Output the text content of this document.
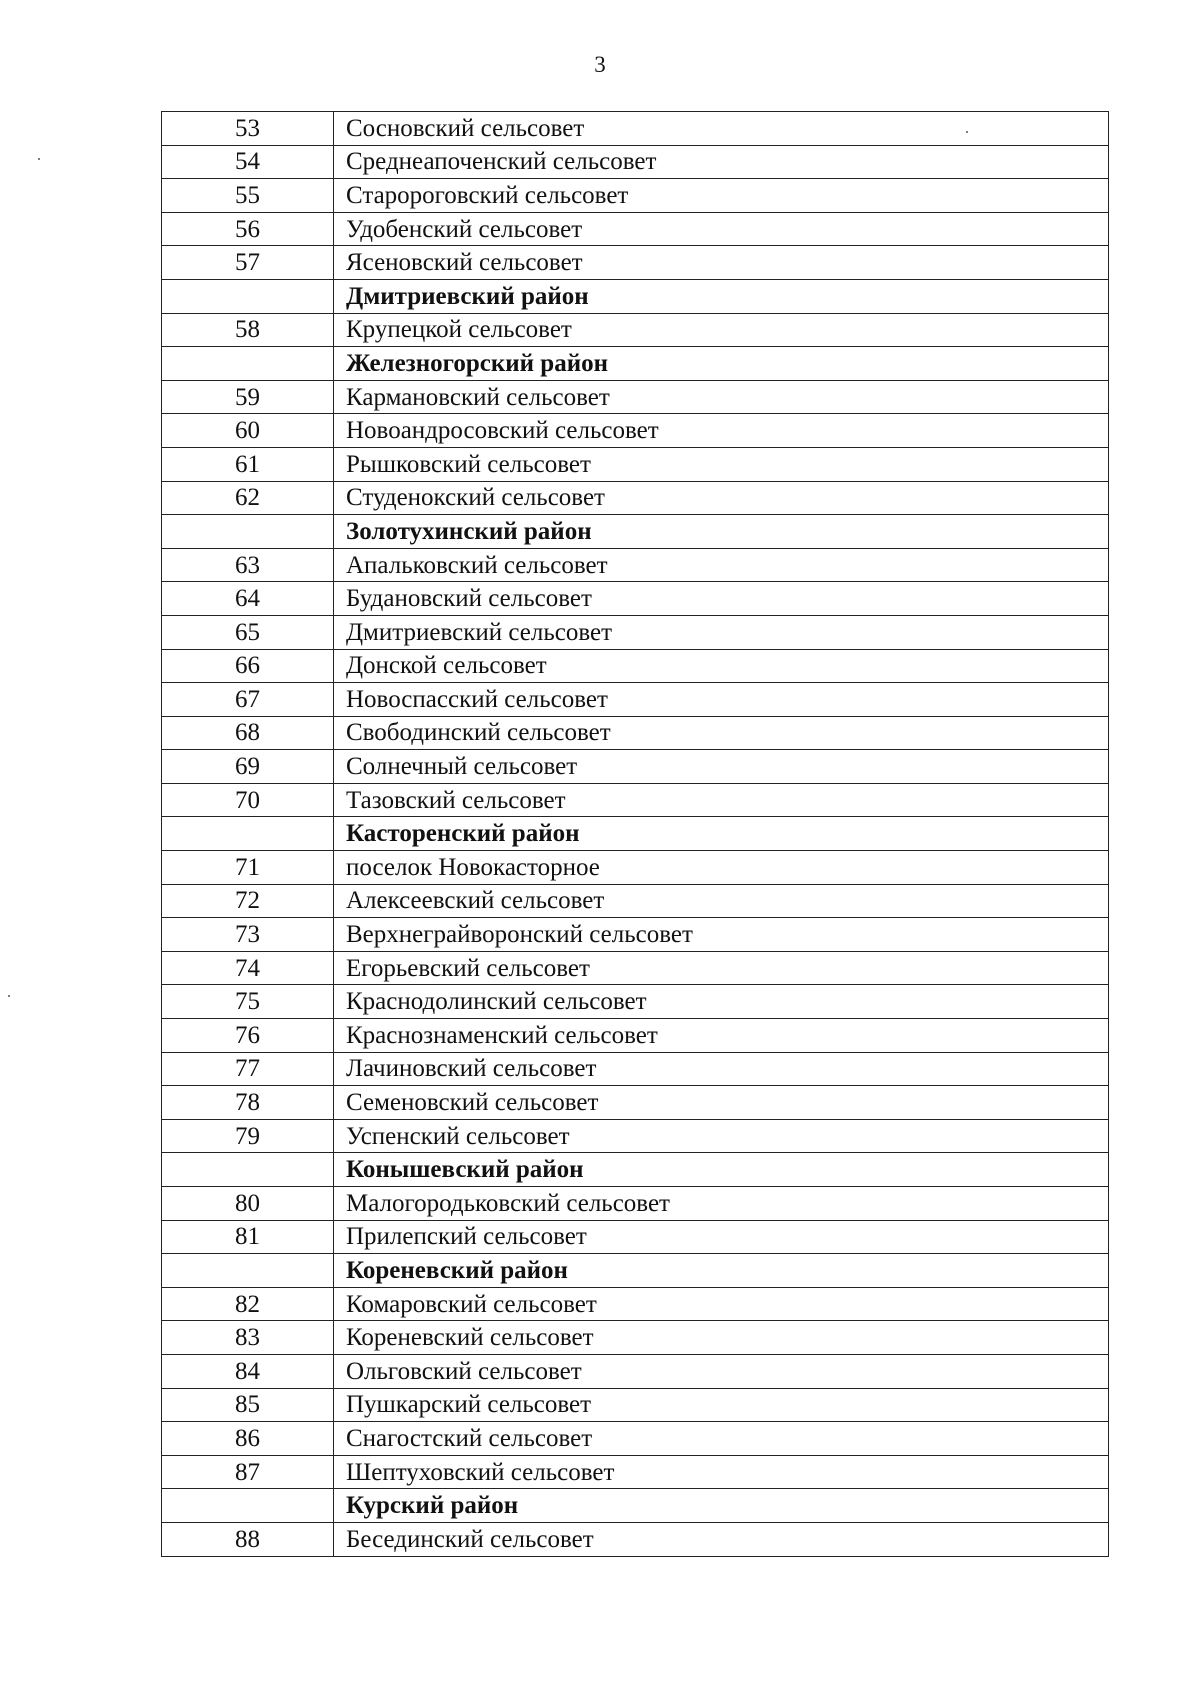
3
53	Сосновский сельсовет
54	Среднеапоченский сельсовет
55	Старороговский сельсовет
56	Удобенский сельсовет
57	Ясеновский сельсовет
	Дмитриевский район
58	Крупецкой сельсовет
	Железногорский район
59	Кармановский сельсовет
60	Новоандросовский сельсовет
61	Рышковский сельсовет
62	Студенокский сельсовет
	Золотухинский район
63	Апальковский сельсовет
64	Будановский сельсовет
65	Дмитриевский сельсовет
66	Донской сельсовет
67	Новоспасский сельсовет
68	Свободинский сельсовет
69	Солнечный сельсовет
70	Тазовский сельсовет
	Касторенский район
71	поселок Новокасторное
72	Алексеевский сельсовет
73	Верхнеграйворонский сельсовет
74	Егорьевский сельсовет
75	Краснодолинский сельсовет
76	Краснознаменский сельсовет
77	Лачиновский сельсовет
78	Семеновский сельсовет
79	Успенский сельсовет
	Конышевский район
80	Малогородьковский сельсовет
81	Прилепский сельсовет
	Кореневский район
82	Комаровский сельсовет
83	Кореневский сельсовет
84	Ольговский сельсовет
85	Пушкарский сельсовет
86	Снагостский сельсовет
87	Шептуховский сельсовет
	Курский район
88	Бесединский сельсовет
